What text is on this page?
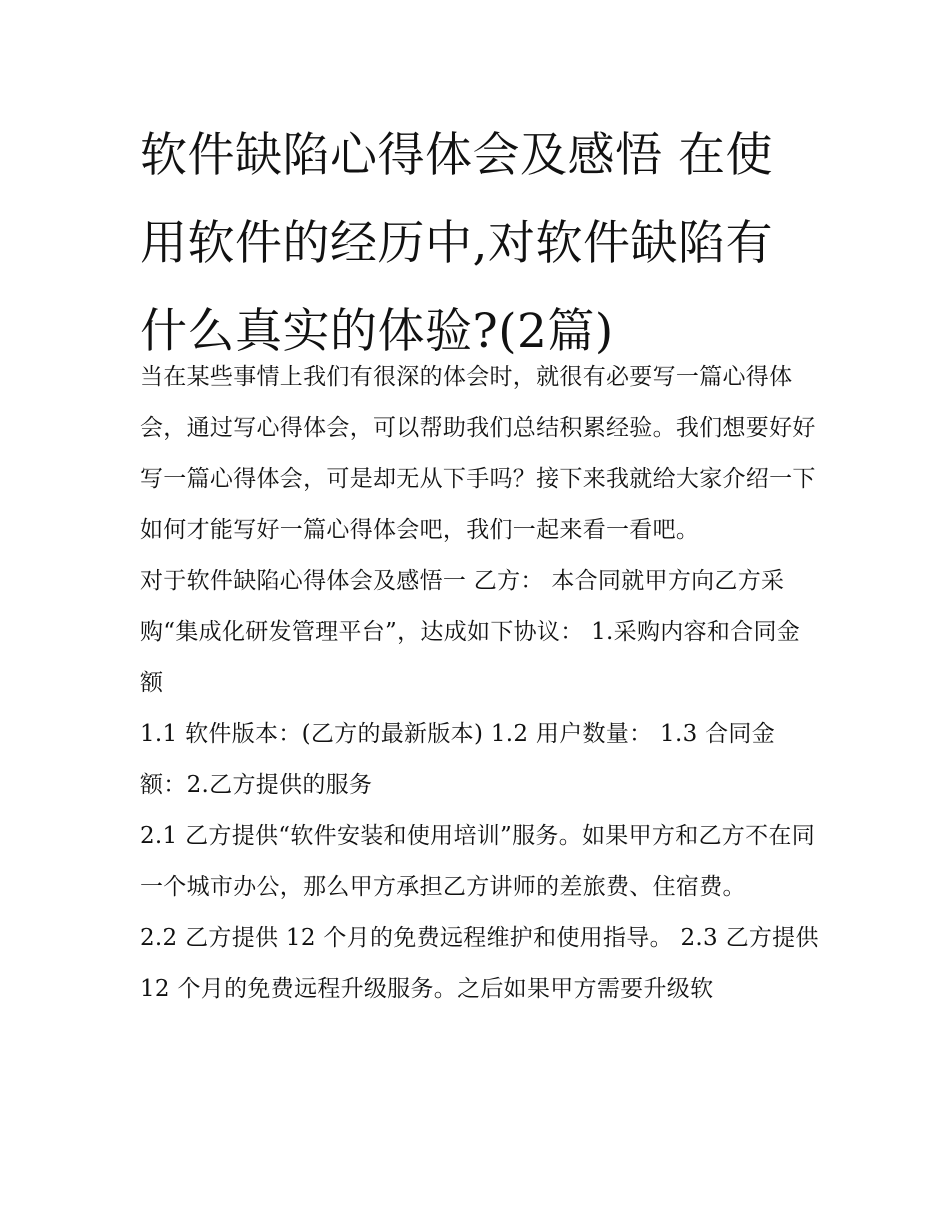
软件缺陷心得体会及感悟 在使用软件的经历中,对软件缺陷有什么真实的体验?(2篇)

当在某些事情上我们有很深的体会时，就很有必要写一篇心得体会，通过写心得体会，可以帮助我们总结积累经验。我们想要好好写一篇心得体会，可是却无从下手吗？接下来我就给大家介绍一下如何才能写好一篇心得体会吧，我们一起来看一看吧。

对于软件缺陷心得体会及感悟一 乙方： 本合同就甲方向乙方采购“集成化研发管理平台”，达成如下协议： 1.采购内容和合同金额

1.1 软件版本：(乙方的最新版本) 1.2 用户数量： 1.3 合同金额：2.乙方提供的服务

2.1 乙方提供“软件安装和使用培训”服务。如果甲方和乙方不在同一个城市办公，那么甲方承担乙方讲师的差旅费、住宿费。

2.2 乙方提供 12 个月的免费远程维护和使用指导。 2.3 乙方提供 12 个月的免费远程升级服务。之后如果甲方需要升级软
